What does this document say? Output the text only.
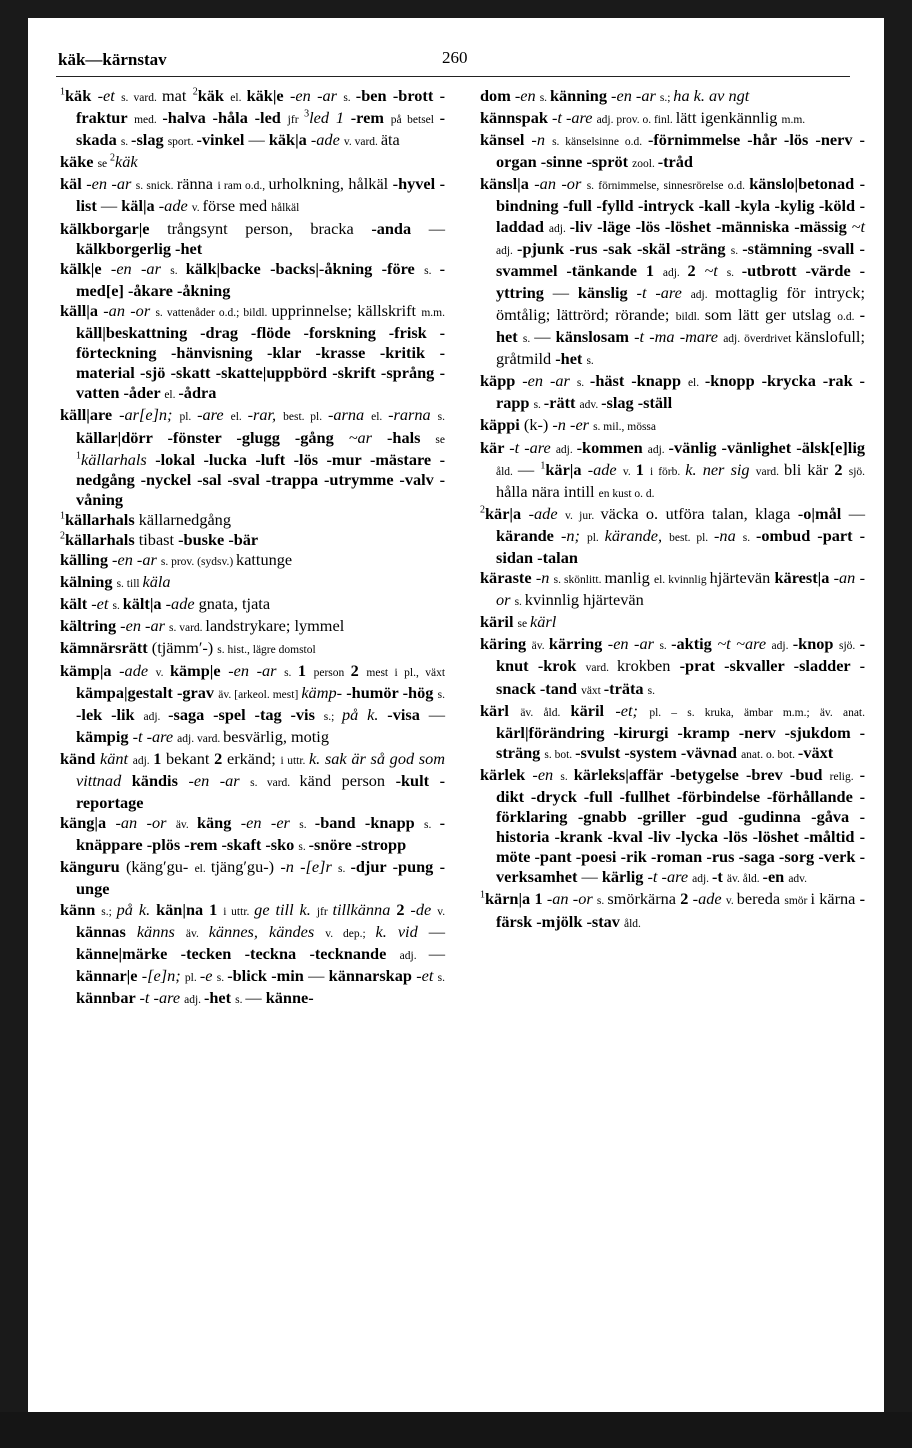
käk—kärnstav	260

$^1$käk -et s. vard. mat $^2$käk el. käk|e -en -ar s. -ben -brott -fraktur med. -halva -håla -led jfr $^3$led 1 -rem på betsel -skada s. -slag sport. -vinkel — käk|a -ade v. vard. äta

käke se $^2$käk

käl -en -ar s. snick. ränna i ram o.d., urholkning, hålkäl -hyvel -list — käl|a -ade v. förse med hålkäl

kälkborgar|e trångsynt person, bracka -anda — kälkborgerlig -het

kälk|e -en -ar s. kälk|backe -backs|-åkning -före s. -med[e] -åkare -åkning

käll|a -an -or s. vattenåder o.d.; bildl. upprinnelse; källskrift m.m. käll|beskattning -drag -flöde -forskning -frisk -förteckning -hänvisning -klar -krasse -kritik -material -sjö -skatt -skatte|uppbörd -skrift -språng -vatten -åder el. -ådra

käll|are -ar[e]n; pl. -are el. -rar, best. pl. -arna el. -rarna s. källar|dörr -fönster -glugg -gång ~ar -hals se $^1$källarhals -lokal -lucka -luft -lös -mur -mästare -nedgång -nyckel -sal -sval -trappa -utrymme -valv -våning

$^1$källarhals källarnedgång

$^2$källarhals tibast -buske -bär

källing -en -ar s. prov. (sydsv.) kattunge

kälning s. till käla

kält -et s. kält|a -ade gnata, tjata

kältring -en -ar s. vard. landstrykare; lymmel

kämnärsrätt (tjämm′-) s. hist., lägre domstol

kämp|a -ade v. kämp|e -en -ar s. 1 person 2 mest i pl., växt kämpa|gestalt -grav äv. [arkeol. mest] kämp- -humör -hög s. -lek -lik adj. -saga -spel -tag -vis s.; på k. -visa — kämpig -t -are adj. vard. besvärlig, motig

känd känt adj. 1 bekant 2 erkänd; i uttr. k. sak är så god som vittnad kändis -en -ar s. vard. känd person -kult -reportage

käng|a -an -or äv. käng -en -er s. -band -knapp s. -knäppare -plös -rem -skaft -sko s. -snöre -stropp

känguru (käng′gu- el. tjäng′gu-) -n -[e]r s. -djur -pung -unge

känn s.; på k. kän|na 1 i uttr. ge till k. jfr tillkänna 2 -de v. kännas känns äv. kännes, kändes v. dep.; k. vid — känne|märke -tecken -teckna -tecknande adj. — kännar|e -[e]n; pl. -e s. -blick -min — kännarskap -et s. kännbar -t -are adj. -het s. — känne-

dom -en s. känning -en -ar s.; ha k. av ngt

kännspak -t -are adj. prov. o. finl. lätt igenkännlig m.m.

känsel -n s. känselsinne o.d. -förnimmelse -hår -lös -nerv -organ -sinne -spröt zool. -tråd

känsl|a -an -or s. förnimmelse, sinnesrörelse o.d. känslo|betonad -bindning -full -fylld -intryck -kall -kyla -kylig -köld -laddad adj. -liv -läge -lös -löshet -människa -mässig ~t adj. -pjunk -rus -sak -skäl -sträng s. -stämning -svall -svammel -tänkande 1 adj. 2 ~t s. -utbrott -värde -yttring — känslig -t -are adj. mottaglig för intryck; ömtålig; lättrörd; rörande; bildl. som lätt ger utslag o.d. -het s. — känslosam -t -ma -mare adj. överdrivet känslofull; gråtmild -het s.

käpp -en -ar s. -häst -knapp el. -knopp -krycka -rak -rapp s. -rätt adv. -slag -ställ

käppi (k-) -n -er s. mil., mössa

kär -t -are adj. -kommen adj. -vänlig -vänlighet -älsk[e]lig åld. — $^1$kär|a -ade v. 1 i förb. k. ner sig vard. bli kär 2 sjö. hålla nära intill en kust o. d.

$^2$kär|a -ade v. jur. väcka o. utföra talan, klaga -o|mål — kärande -n; pl. kärande, best. pl. -na s. -ombud -part -sidan -talan

käraste -n s. skönlitt. manlig el. kvinnlig hjärtevän kärest|a -an -or s. kvinnlig hjärtevän

käril se kärl

käring äv. kärring -en -ar s. -aktig ~t ~are adj. -knop sjö. -knut -krok vard. krokben -prat -skvaller -sladder -snack -tand växt -träta s.

kärl äv. åld. käril -et; pl. – s. kruka, ämbar m.m.; äv. anat. kärl|förändring -kirurgi -kramp -nerv -sjukdom -sträng s. bot. -svulst -system -vävnad anat. o. bot. -växt

kärlek -en s. kärleks|affär -betygelse -brev -bud relig. -dikt -dryck -full -fullhet -förbindelse -förhållande -förklaring -gnabb -griller -gud -gudinna -gåva -historia -krank -kval -liv -lycka -lös -löshet -måltid -möte -pant -poesi -rik -roman -rus -saga -sorg -verk -verksamhet — kärlig -t -are adj. -t äv. åld. -en adv.

$^1$kärn|a 1 -an -or s. smörkärna 2 -ade v. bereda smör i kärna -färsk -mjölk -stav åld.
